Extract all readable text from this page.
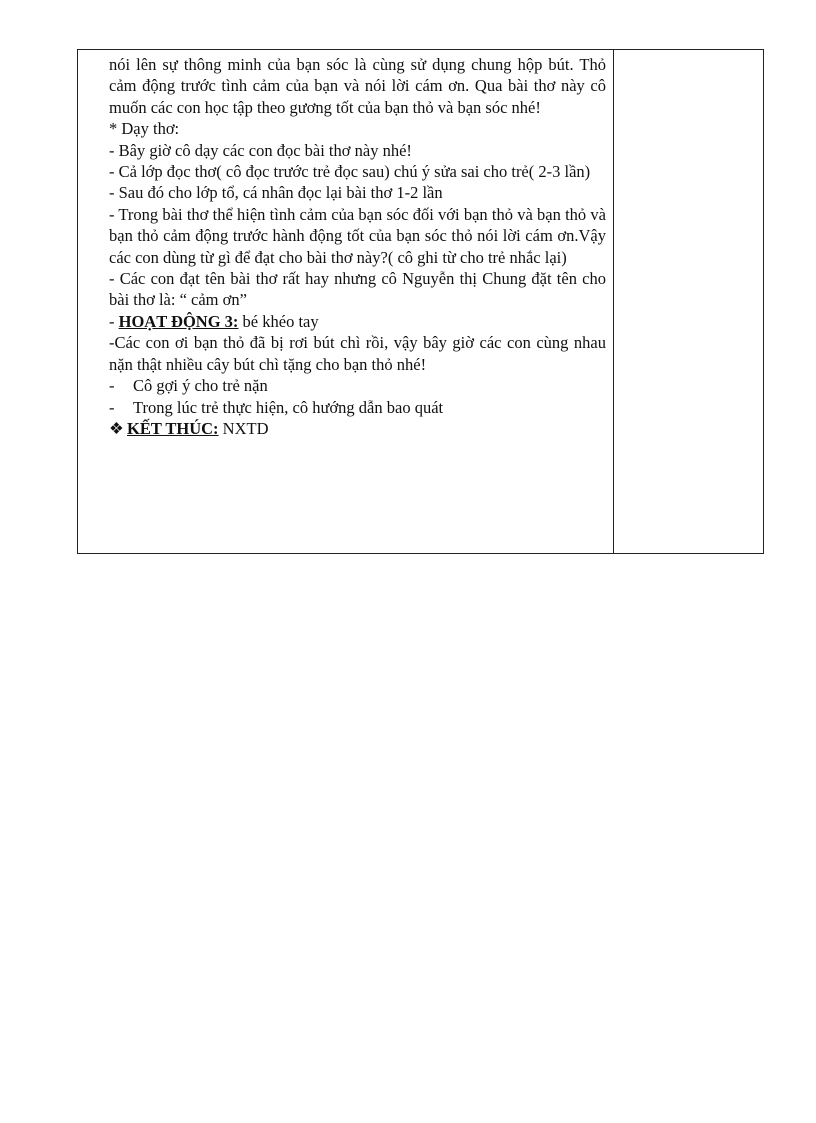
nói lên sự thông minh của bạn sóc là cùng sử dụng chung hộp bút. Thỏ cảm động trước tình cảm của bạn và nói lời cám ơn. Qua bài thơ này cô muốn các con học tập theo gương tốt của bạn thỏ và bạn sóc nhé!

* Dạy thơ:

- Bây giờ cô dạy các con đọc bài thơ này nhé!

- Cả lớp đọc thơ( cô đọc trước trẻ đọc sau) chú ý sửa sai cho trẻ( 2-3 lần)

- Sau đó cho lớp tổ, cá nhân đọc lại bài thơ 1-2 lần

- Trong bài thơ thể hiện tình cảm của bạn sóc đối với bạn thỏ và bạn thỏ và bạn thỏ cảm động trước hành động tốt của bạn sóc thỏ nói lời cám ơn.Vậy các con dùng từ gì để đạt cho bài thơ này?( cô ghi từ cho trẻ nhắc lại)

- Các con đạt tên bài thơ rất hay nhưng cô Nguyễn thị Chung đặt tên cho bài thơ là: “ cảm ơn”

- HOẠT ĐỘNG 3: bé khéo tay

-Các con ơi bạn thỏ đã bị rơi bút chì rồi, vậy bây giờ các con cùng nhau nặn thật nhiều cây bút chì tặng cho bạn thỏ nhé!

- Cô gợi ý cho trẻ nặn
- Trong lúc trẻ thực hiện, cô hướng dẫn bao quát

❖ KẾT THÚC: NXTD
